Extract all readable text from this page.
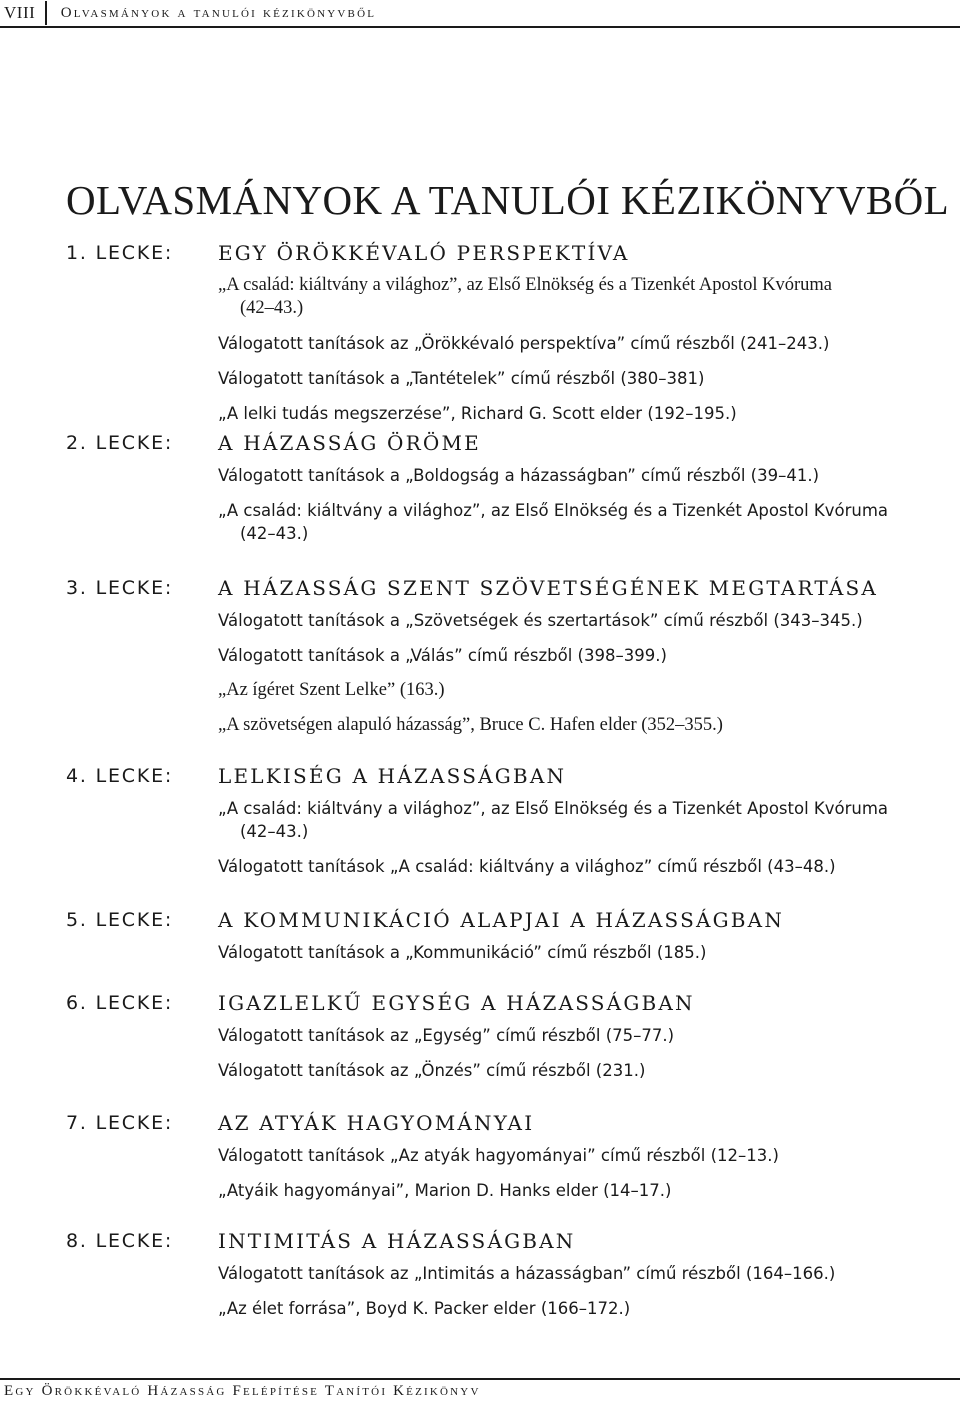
VIII	Olvasmányok a tanulói kézikönyvből
OLVASMÁNYOK A TANULÓI KÉZIKÖNYVBŐL
1. LECKE: EGY ÖRÖKKÉVALÓ PERSPEKTÍVA
„A család: kiáltvány a világhoz”, az Első Elnökség és a Tizenkét Apostol Kvóruma
(42–43.)
Válogatott tanítások az „Örökkévaló perspektíva” című részből (241–243.)
Válogatott tanítások a „Tantételek” című részből (380–381)
„A lelki tudás megszerzése”, Richard G. Scott elder (192–195.)
2. LECKE: A HÁZASSÁG ÖRÖME
Válogatott tanítások a „Boldogság a házasságban” című részből (39–41.)
„A család: kiáltvány a világhoz”, az Első Elnökség és a Tizenkét Apostol Kvóruma
(42–43.)
3. LECKE: A HÁZASSÁG SZENT SZÖVETSÉGÉNEK MEGTARTÁSA
Válogatott tanítások a „Szövetségek és szertartások” című részből (343–345.)
Válogatott tanítások a „Válás” című részből (398–399.)
„Az ígéret Szent Lelke” (163.)
„A szövetségen alapuló házasság”, Bruce C. Hafen elder (352–355.)
4. LECKE: LELKISÉG A HÁZASSÁGBAN
„A család: kiáltvány a világhoz”, az Első Elnökség és a Tizenkét Apostol Kvóruma
(42–43.)
Válogatott tanítások „A család: kiáltvány a világhoz” című részből (43–48.)
5. LECKE: A KOMMUNIKÁCIÓ ALAPJAI A HÁZASSÁGBAN
Válogatott tanítások a „Kommunikáció” című részből (185.)
6. LECKE: IGAZLELKŰ EGYSÉG A HÁZASSÁGBAN
Válogatott tanítások az „Egység” című részből (75–77.)
Válogatott tanítások az „Önzés” című részből (231.)
7. LECKE: AZ ATYÁK HAGYOMÁNYAI
Válogatott tanítások „Az atyák hagyományai” című részből (12–13.)
„Atyáik hagyományai”, Marion D. Hanks elder (14–17.)
8. LECKE: INTIMITÁS A HÁZASSÁGBAN
Válogatott tanítások az „Intimitás a házasságban” című részből (164–166.)
„Az élet forrása”, Boyd K. Packer elder (166–172.)
Egy Örökkévaló Házasság Felépítése Tanítói Kézikönyv
